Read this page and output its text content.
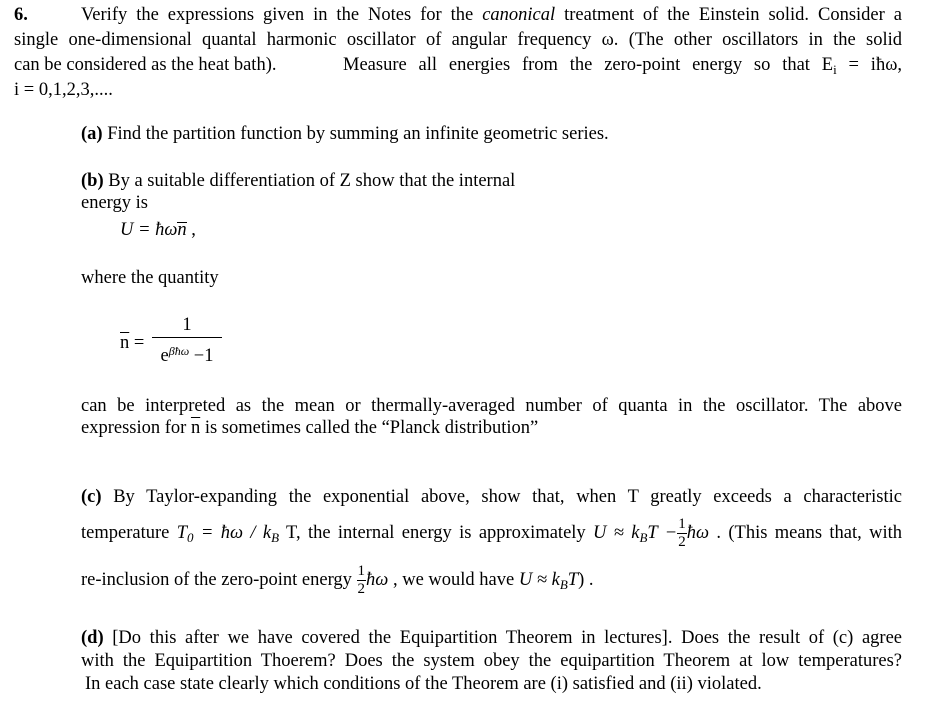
6.	Verify the expressions given in the Notes for the canonical treatment of the Einstein solid. Consider a
single one-dimensional quantal harmonic oscillator of angular frequency ω. (The other oscillators in the solid
can be considered as the heat bath).	Measure all energies from the zero-point energy so that $E_i$ = iħω,
i = 0,1,2,3,....
(a) Find the partition function by summing an infinite geometric series.
(b) By a suitable differentiation of Z show that the internal
energy is
U = ħωn
,
where the quantity
$\overline{n}$ =
1
$e^{\beta ħ\omega} -1$
can be interpreted as the mean or thermally-averaged number of quanta in the oscillator. The above
expression for $\overline{n}$ is sometimes called the “Planck distribution”
(c) By Taylor-expanding the exponential above, show that, when T greatly exceeds a characteristic
temperature $T_0$ = ħω / $k_B$ T, the internal energy is approximately $U \approx k_BT - \frac{1}{2}$ ħω . (This means that, with
re-inclusion of the zero-point energy $\frac{1}{2}$ ħω , we would have $U \approx k_BT$) .
(d) [Do this after we have covered the Equipartition Theorem in lectures]. Does the result of (c) agree
with the Equipartition Thoerem? Does the system obey the equipartition Theorem at low temperatures?
In each case state clearly which conditions of the Theorem are (i) satisfied and (ii) violated.
